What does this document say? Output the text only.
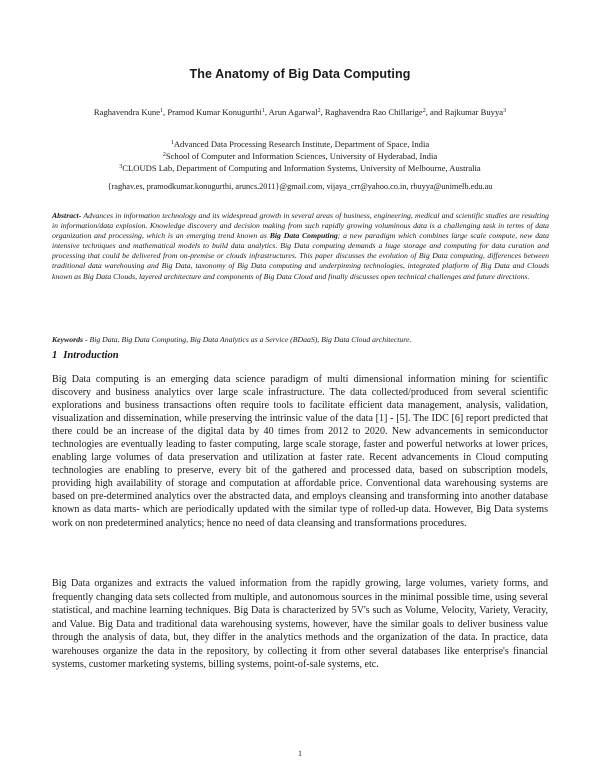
The Anatomy of Big Data Computing
Raghavendra Kune$^1$, Pramod Kumar Konugurthi$^1$, Arun Agarwal$^2$, Raghavendra Rao Chillarige$^2$, and Rajkumar Buyya$^3$
$^1$Advanced Data Processing Research Institute, Department of Space, India
$^2$School of Computer and Information Sciences, University of Hyderabad, India
$^3$CLOUDS Lab, Department of Computing and Information Systems, University of Melbourne, Australia
{raghav.es, pramodkumar.konugurthi, aruncs.2011}@gmail.com, vijaya_crr@yahoo.co.in, rbuyya@unimelb.edu.au
Abstract- Advances in information technology and its widespread growth in several areas of business, engineering, medical and scientific studies are resulting in information/data explosion. Knowledge discovery and decision making from such rapidly growing voluminous data is a challenging task in terms of data organization and processing, which is an emerging trend known as Big Data Computing; a new paradigm which combines large scale compute, new data intensive techniques and mathematical models to build data analytics. Big Data computing demands a huge storage and computing for data curation and processing that could be delivered from on-premise or clouds infrastructures. This paper discusses the evolution of Big Data computing, differences between traditional data warehousing and Big Data, taxonomy of Big Data computing and underpinning technologies, integrated platform of Big Data and Clouds known as Big Data Clouds, layered architecture and components of Big Data Cloud and finally discusses open technical challenges and future directions.
Keywords - Big Data, Big Data Computing, Big Data Analytics as a Service (BDaaS), Big Data Cloud architecture.
1 Introduction
Big Data computing is an emerging data science paradigm of multi dimensional information mining for scientific discovery and business analytics over large scale infrastructure. The data collected/produced from several scientific explorations and business transactions often require tools to facilitate efficient data management, analysis, validation, visualization and dissemination, while preserving the intrinsic value of the data [1] - [5]. The IDC [6] report predicted that there could be an increase of the digital data by 40 times from 2012 to 2020. New advancements in semiconductor technologies are eventually leading to faster computing, large scale storage, faster and powerful networks at lower prices, enabling large volumes of data preservation and utilization at faster rate. Recent advancements in Cloud computing technologies are enabling to preserve, every bit of the gathered and processed data, based on subscription models, providing high availability of storage and computation at affordable price. Conventional data warehousing systems are based on pre-determined analytics over the abstracted data, and employs cleansing and transforming into another database known as data marts- which are periodically updated with the similar type of rolled-up data. However, Big Data systems work on non predetermined analytics; hence no need of data cleansing and transformations procedures.
Big Data organizes and extracts the valued information from the rapidly growing, large volumes, variety forms, and frequently changing data sets collected from multiple, and autonomous sources in the minimal possible time, using several statistical, and machine learning techniques. Big Data is characterized by 5V's such as Volume, Velocity, Variety, Veracity, and Value. Big Data and traditional data warehousing systems, however, have the similar goals to deliver business value through the analysis of data, but, they differ in the analytics methods and the organization of the data. In practice, data warehouses organize the data in the repository, by collecting it from other several databases like enterprise's financial systems, customer marketing systems, billing systems, point-of-sale systems, etc.
1
